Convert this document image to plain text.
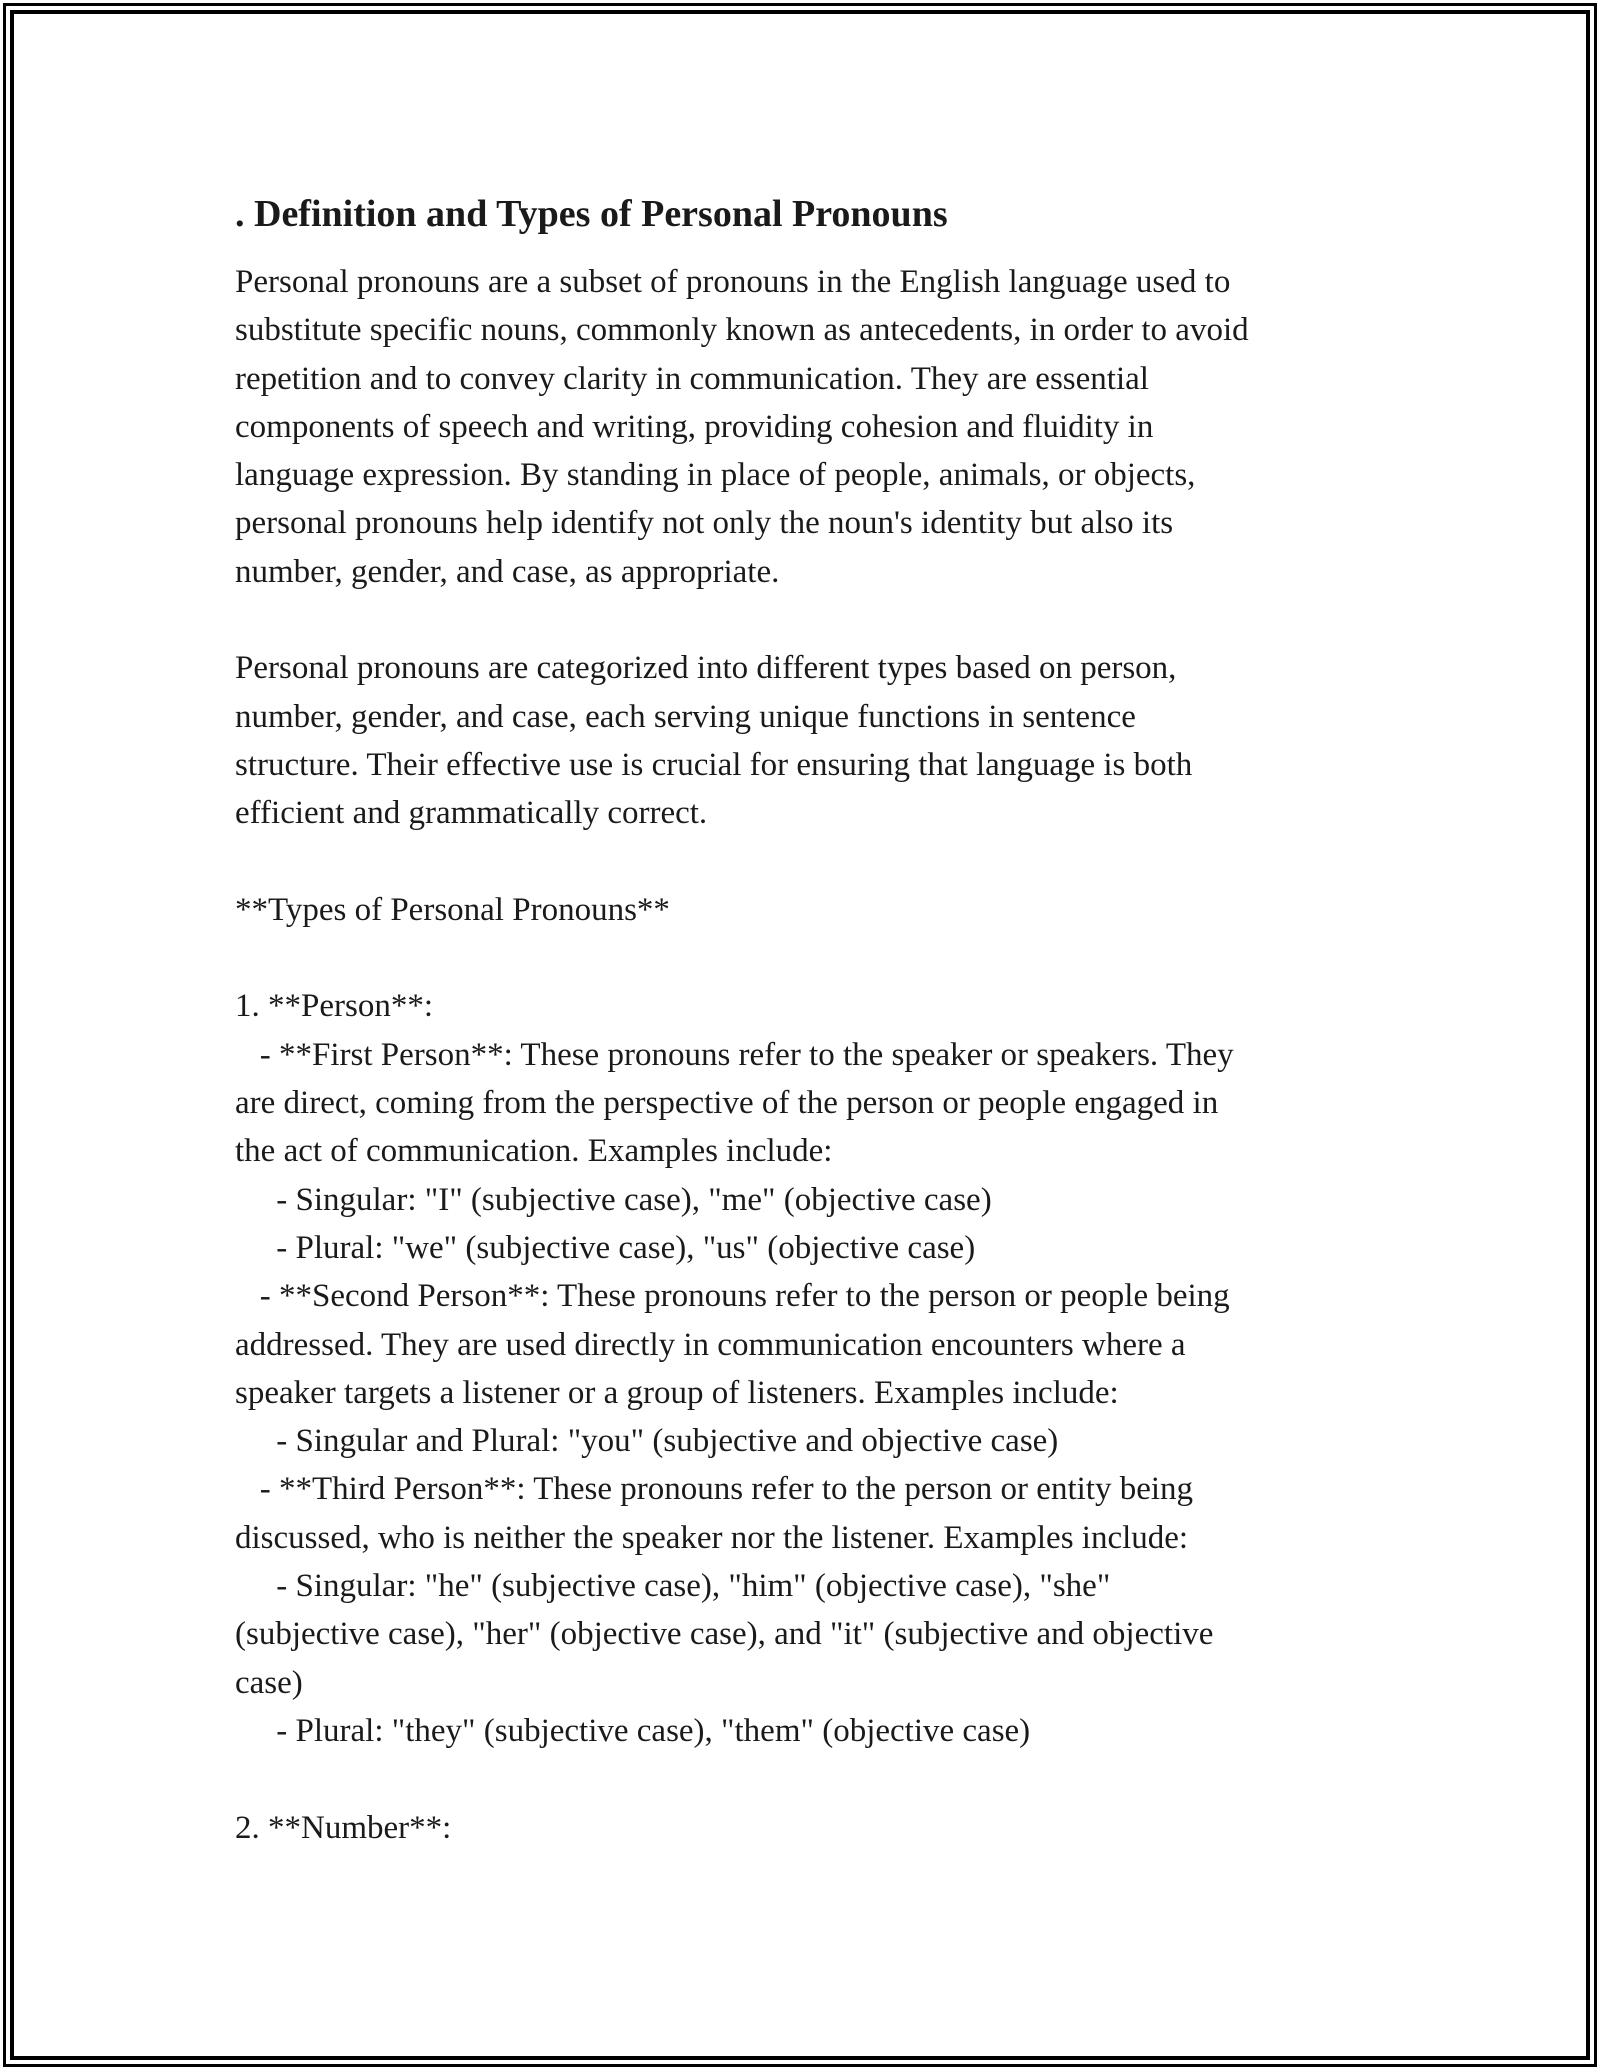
. Definition and Types of Personal Pronouns
Personal pronouns are a subset of pronouns in the English language used to
substitute specific nouns, commonly known as antecedents, in order to avoid
repetition and to convey clarity in communication. They are essential
components of speech and writing, providing cohesion and fluidity in
language expression. By standing in place of people, animals, or objects,
personal pronouns help identify not only the noun's identity but also its
number, gender, and case, as appropriate.
Personal pronouns are categorized into different types based on person,
number, gender, and case, each serving unique functions in sentence
structure. Their effective use is crucial for ensuring that language is both
efficient and grammatically correct.
**Types of Personal Pronouns**
1. **Person**:
- **First Person**: These pronouns refer to the speaker or speakers. They
are direct, coming from the perspective of the person or people engaged in
the act of communication. Examples include:
- Singular: "I" (subjective case), "me" (objective case)
- Plural: "we" (subjective case), "us" (objective case)
- **Second Person**: These pronouns refer to the person or people being
addressed. They are used directly in communication encounters where a
speaker targets a listener or a group of listeners. Examples include:
- Singular and Plural: "you" (subjective and objective case)
- **Third Person**: These pronouns refer to the person or entity being
discussed, who is neither the speaker nor the listener. Examples include:
- Singular: "he" (subjective case), "him" (objective case), "she"
(subjective case), "her" (objective case), and "it" (subjective and objective
case)
- Plural: "they" (subjective case), "them" (objective case)
2. **Number**:
